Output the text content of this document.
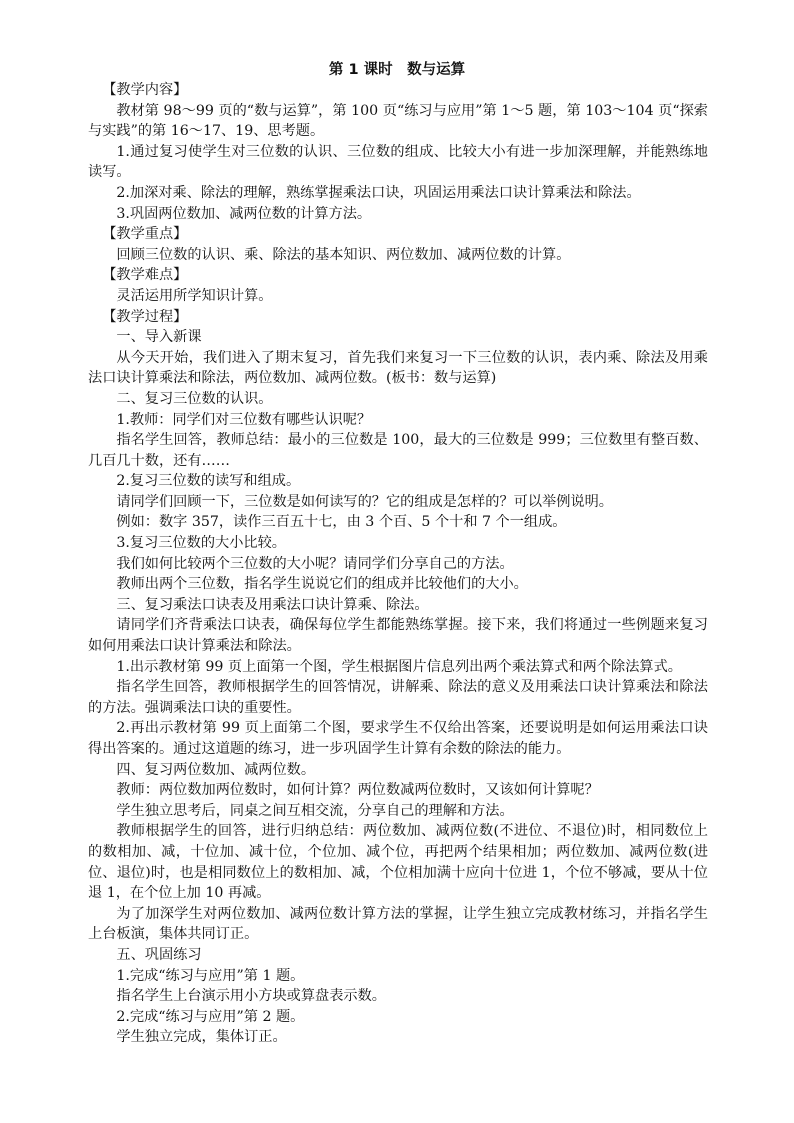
第 1 课时　数与运算

【教学内容】

教材第 98～99 页的“数与运算”，第 100 页“练习与应用”第 1～5 题，第 103～104 页“探索与实践”的第 16～17、19、思考题。

1.通过复习使学生对三位数的认识、三位数的组成、比较大小有进一步加深理解，并能熟练地读写。

2.加深对乘、除法的理解，熟练掌握乘法口诀，巩固运用乘法口诀计算乘法和除法。

3.巩固两位数加、减两位数的计算方法。

【教学重点】

回顾三位数的认识、乘、除法的基本知识、两位数加、减两位数的计算。

【教学难点】

灵活运用所学知识计算。

【教学过程】

一、导入新课

从今天开始，我们进入了期末复习，首先我们来复习一下三位数的认识，表内乘、除法及用乘法口诀计算乘法和除法，两位数加、减两位数。(板书：数与运算)

二、复习三位数的认识。

1.教师：同学们对三位数有哪些认识呢？

指名学生回答，教师总结：最小的三位数是 100，最大的三位数是 999；三位数里有整百数、几百几十数，还有……

2.复习三位数的读写和组成。

请同学们回顾一下，三位数是如何读写的？它的组成是怎样的？可以举例说明。

例如：数字 357，读作三百五十七，由 3 个百、5 个十和 7 个一组成。

3.复习三位数的大小比较。

我们如何比较两个三位数的大小呢？请同学们分享自己的方法。

教师出两个三位数，指名学生说说它们的组成并比较他们的大小。

三、复习乘法口诀表及用乘法口诀计算乘、除法。

请同学们齐背乘法口诀表，确保每位学生都能熟练掌握。接下来，我们将通过一些例题来复习如何用乘法口诀计算乘法和除法。

1.出示教材第 99 页上面第一个图，学生根据图片信息列出两个乘法算式和两个除法算式。

指名学生回答，教师根据学生的回答情况，讲解乘、除法的意义及用乘法口诀计算乘法和除法的方法。强调乘法口诀的重要性。

2.再出示教材第 99 页上面第二个图，要求学生不仅给出答案，还要说明是如何运用乘法口诀得出答案的。通过这道题的练习，进一步巩固学生计算有余数的除法的能力。

四、复习两位数加、减两位数。

教师：两位数加两位数时，如何计算？两位数减两位数时，又该如何计算呢？

学生独立思考后，同桌之间互相交流，分享自己的理解和方法。

教师根据学生的回答，进行归纳总结：两位数加、减两位数(不进位、不退位)时，相同数位上的数相加、减，十位加、减十位，个位加、减个位，再把两个结果相加；两位数加、减两位数(进位、退位)时，也是相同数位上的数相加、减，个位相加满十应向十位进 1，个位不够减，要从十位退 1，在个位上加 10 再减。

为了加深学生对两位数加、减两位数计算方法的掌握，让学生独立完成教材练习，并指名学生上台板演，集体共同订正。

五、巩固练习

1.完成“练习与应用”第 1 题。

指名学生上台演示用小方块或算盘表示数。

2.完成“练习与应用”第 2 题。

学生独立完成，集体订正。
